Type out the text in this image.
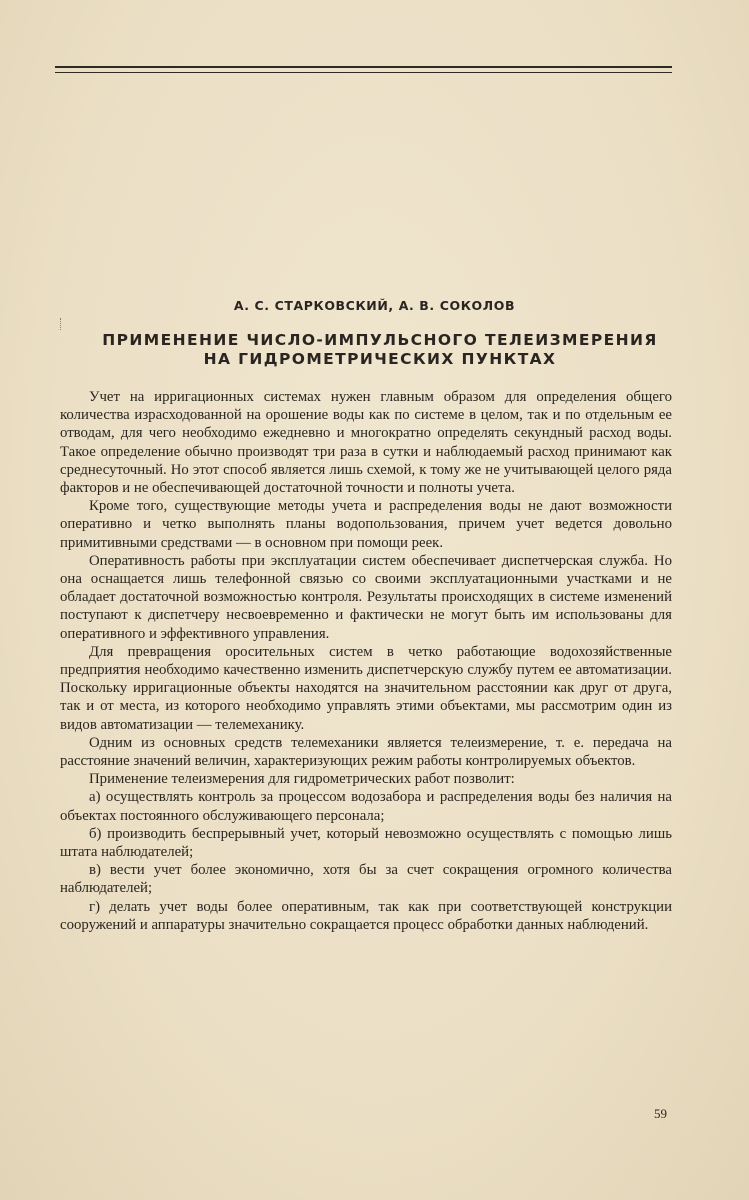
А. С. СТАРКОВСКИЙ, А. В. СОКОЛОВ
ПРИМЕНЕНИЕ ЧИСЛО-ИМПУЛЬСНОГО ТЕЛЕИЗМЕРЕНИЯ
НА ГИДРОМЕТРИЧЕСКИХ ПУНКТАХ

Учет на ирригационных системах нужен главным образом для определения общего количества израсходованной на орошение воды как по системе в целом, так и по отдельным ее отводам, для чего необходимо ежедневно и многократно определять секундный расход воды. Такое определение обычно производят три раза в сутки и наблюдаемый расход принимают как среднесуточный. Но этот способ является лишь схемой, к тому же не учитывающей целого ряда факторов и не обеспечивающей достаточной точности и полноты учета.

Кроме того, существующие методы учета и распределения воды не дают возможности оперативно и четко выполнять планы водопользования, причем учет ведется довольно примитивными средствами — в основном при помощи реек.

Оперативность работы при эксплуатации систем обеспечивает диспетчерская служба. Но она оснащается лишь телефонной связью со своими эксплуатационными участками и не обладает достаточной возможностью контроля. Результаты происходящих в системе изменений поступают к диспетчеру несвоевременно и фактически не могут быть им использованы для оперативного и эффективного управления.

Для превращения оросительных систем в четко работающие водохозяйственные предприятия необходимо качественно изменить диспетчерскую службу путем ее автоматизации. Поскольку ирригационные объекты находятся на значительном расстоянии как друг от друга, так и от места, из которого необходимо управлять этими объектами, мы рассмотрим один из видов автоматизации — телемеханику.

Одним из основных средств телемеханики является телеизмерение, т. е. передача на расстояние значений величин, характеризующих режим работы контролируемых объектов.

Применение телеизмерения для гидрометрических работ позволит:

а) осуществлять контроль за процессом водозабора и распределения воды без наличия на объектах постоянного обслуживающего персонала;

б) производить беспрерывный учет, который невозможно осуществлять с помощью лишь штата наблюдателей;

в) вести учет более экономично, хотя бы за счет сокращения огромного количества наблюдателей;

г) делать учет воды более оперативным, так как при соответствующей конструкции сооружений и аппаратуры значительно сокращается процесс обработки данных наблюдений.

59
